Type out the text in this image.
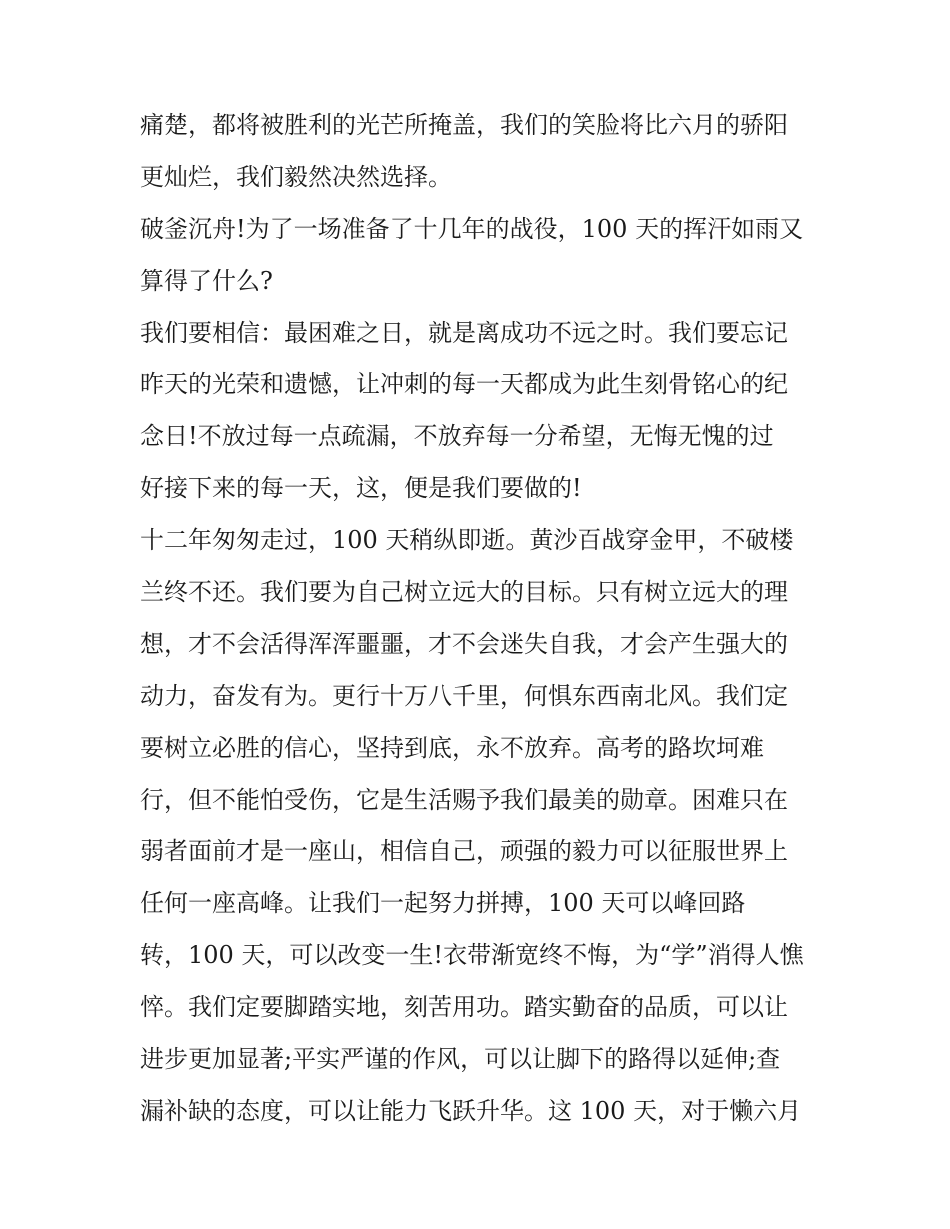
痛楚，都将被胜利的光芒所掩盖，我们的笑脸将比六月的骄阳
更灿烂，我们毅然决然选择。
破釜沉舟!为了一场准备了十几年的战役，100 天的挥汗如雨又
算得了什么?
我们要相信：最困难之日，就是离成功不远之时。我们要忘记
昨天的光荣和遗憾，让冲刺的每一天都成为此生刻骨铭心的纪
念日!不放过每一点疏漏，不放弃每一分希望，无悔无愧的过
好接下来的每一天，这，便是我们要做的!
十二年匆匆走过，100 天稍纵即逝。黄沙百战穿金甲，不破楼
兰终不还。我们要为自己树立远大的目标。只有树立远大的理
想，才不会活得浑浑噩噩，才不会迷失自我，才会产生强大的
动力，奋发有为。更行十万八千里，何惧东西南北风。我们定
要树立必胜的信心，坚持到底，永不放弃。高考的路坎坷难
行，但不能怕受伤，它是生活赐予我们最美的勋章。困难只在
弱者面前才是一座山，相信自己，顽强的毅力可以征服世界上
任何一座高峰。让我们一起努力拼搏，100 天可以峰回路
转，100 天，可以改变一生!衣带渐宽终不悔，为“学”消得人憔
悴。我们定要脚踏实地，刻苦用功。踏实勤奋的品质，可以让
进步更加显著;平实严谨的作风，可以让脚下的路得以延伸;查
漏补缺的态度，可以让能力飞跃升华。这 100 天，对于懒六月
